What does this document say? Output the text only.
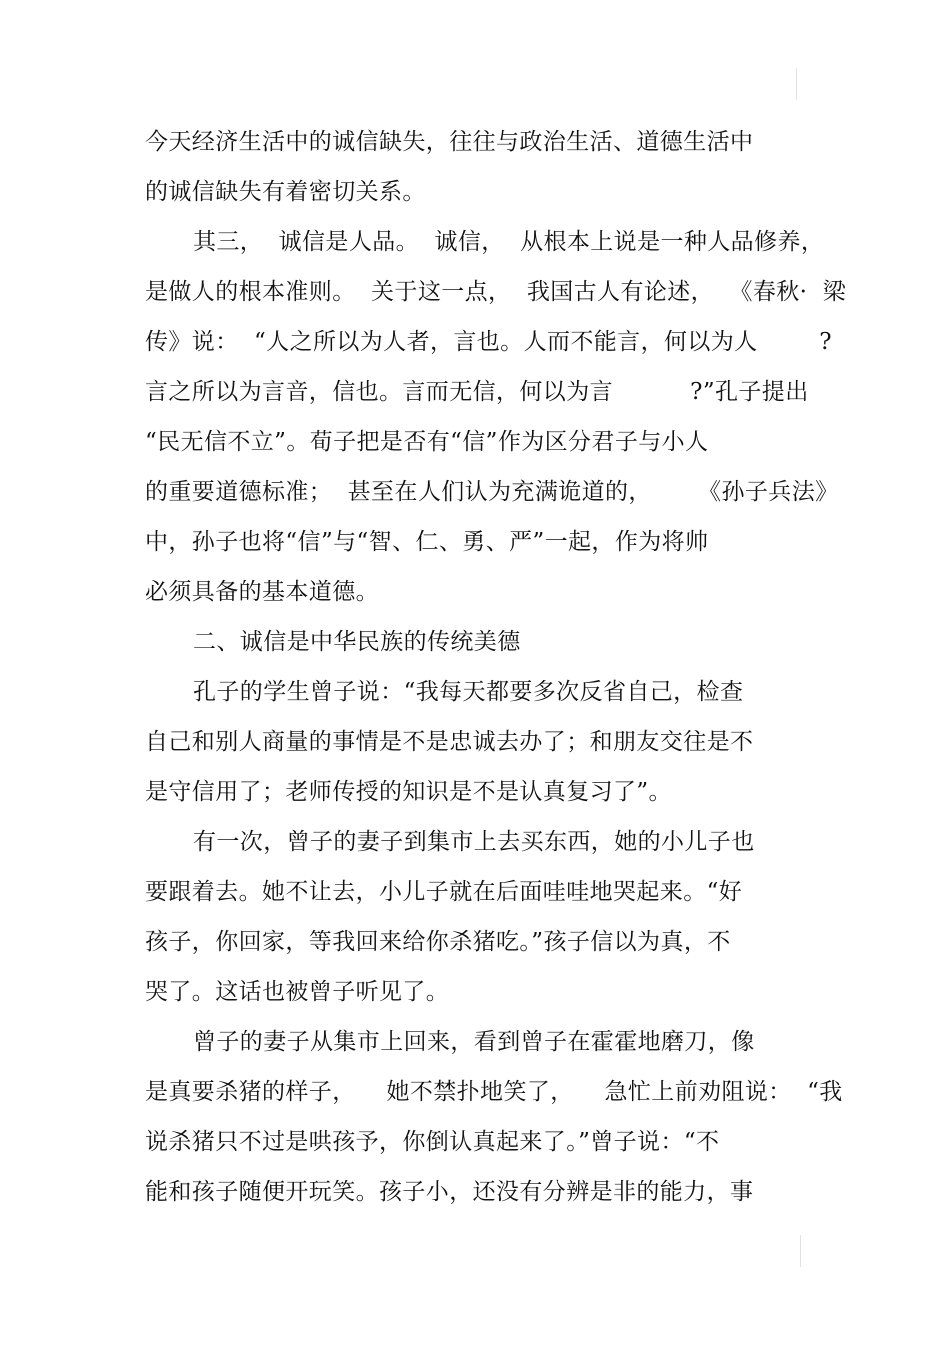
今天经济生活中的诚信缺失，往往与政治生活、道德生活中
的诚信缺失有着密切关系。
其三，  诚信是人品。  诚信，  从根本上说是一种人品修养，
是做人的根本准则。  关于这一点，  我国古人有论述，  《春秋·  梁
传》说：  “人之所以为人者，言也。人而不能言，何以为人        ?
言之所以为言音，信也。言而无信，何以为言          ?”孔子提出
“民无信不立”。荀子把是否有“信”作为区分君子与小人
的重要道德标准；  甚至在人们认为充满诡道的，      《孙子兵法》
中，孙子也将“信”与“智、仁、勇、严”一起，作为将帅
必须具备的基本道德。
二、诚信是中华民族的传统美德
孔子的学生曾子说：“我每天都要多次反省自己，检查
自己和别人商量的事情是不是忠诚去办了；和朋友交往是不
是守信用了；老师传授的知识是不是认真复习了”。
有一次，曾子的妻子到集市上去买东西，她的小儿子也
要跟着去。她不让去，小儿子就在后面哇哇地哭起来。“好
孩子，你回家，等我回来给你杀猪吃。”孩子信以为真，不
哭了。这话也被曾子听见了。
曾子的妻子从集市上回来，看到曾子在霍霍地磨刀，像
是真要杀猪的样子，    她不禁扑地笑了，    急忙上前劝阻说：  “我
说杀猪只不过是哄孩予，你倒认真起来了。”曾子说：“不
能和孩子随便开玩笑。孩子小，还没有分辨是非的能力，事
